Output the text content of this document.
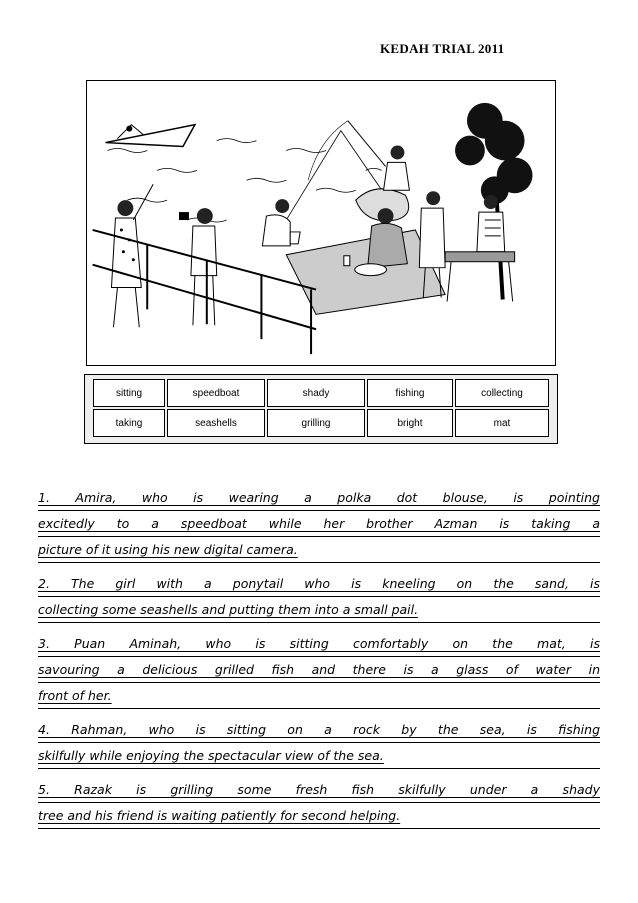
KEDAH TRIAL 2011
sitting	speedboat	shady	fishing	collecting
taking	seashells	grilling	bright	mat
1. Amira, who is wearing a polka dot blouse, is pointing
excitedly to a speedboat while her brother Azman is taking a
picture of it using his new digital camera.
2. The girl with a ponytail who is kneeling on the sand, is
collecting some seashells and putting them into a small pail.
3. Puan Aminah, who is sitting comfortably on the mat, is
savouring a delicious grilled fish and there is a glass of water in
front of her.
4. Rahman, who is sitting on a rock by the sea, is fishing
skilfully while enjoying the spectacular view of the sea.
5. Razak is grilling some fresh fish skilfully under a shady
tree and his friend is waiting patiently for second helping.
